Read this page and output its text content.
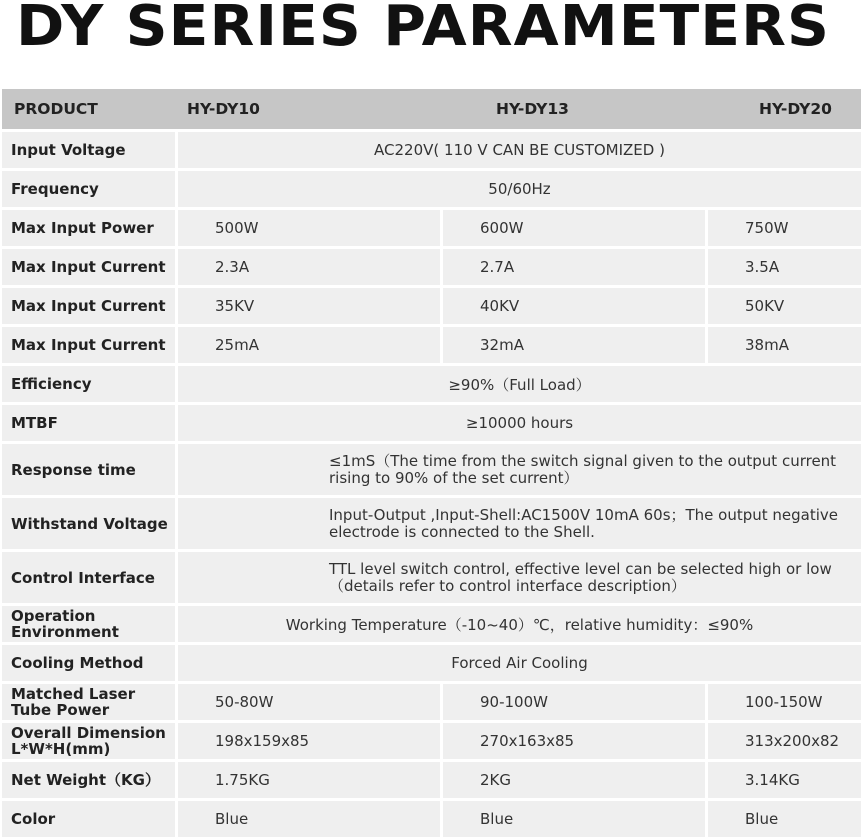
DY SERIES PARAMETERS
PRODUCT	HY-DY10	HY-DY13	HY-DY20
Input Voltage	AC220V( 110 V CAN BE CUSTOMIZED )
Frequency	50/60Hz
Max Input Power	500W	600W	750W
Max Input Current	2.3A	2.7A	3.5A
Max Input Current	35KV	40KV	50KV
Max Input Current	25mA	32mA	38mA
Efficiency	≥90%（Full Load）
MTBF	≥10000 hours
Response time	≤1mS（The time from the switch signal given to the output current rising to 90% of the set current）
Withstand Voltage	Input-Output ,Input-Shell:AC1500V 10mA 60s；The output negative electrode is connected to the Shell.
Control Interface	TTL level switch control, effective level can be selected high or low（details refer to control interface description）
Operation Environment	Working Temperature（-10~40）℃，relative humidity：≤90%
Cooling Method	Forced Air Cooling
Matched Laser Tube Power	50-80W	90-100W	100-150W
Overall Dimension L*W*H(mm)	198x159x85	270x163x85	313x200x82
Net Weight（KG）	1.75KG	2KG	3.14KG
Color	Blue	Blue	Blue
